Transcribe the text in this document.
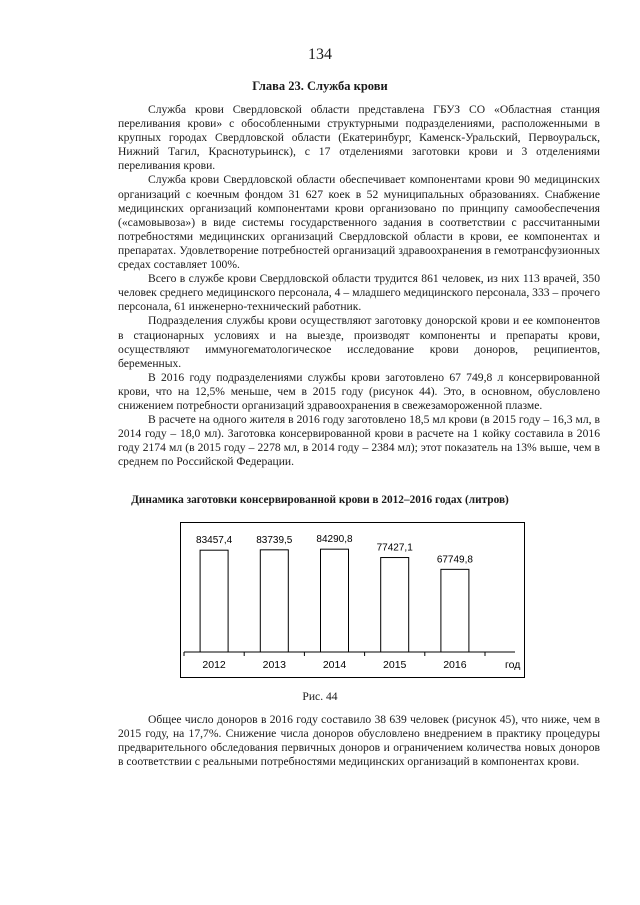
134
Глава 23. Служба крови

Служба крови Свердловской области представлена ГБУЗ СО «Областная станция переливания крови» с обособленными структурными подразделениями, расположенными в крупных городах Свердловской области (Екатеринбург, Каменск-Уральский, Первоуральск, Нижний Тагил, Краснотурьинск), с 17 отделениями заготовки крови и 3 отделениями переливания крови.

Служба крови Свердловской области обеспечивает компонентами крови 90 медицинских организаций с коечным фондом 31 627 коек в 52 муниципальных образованиях. Снабжение медицинских организаций компонентами крови организовано по принципу самообеспечения («самовывоза») в виде системы государственного задания в соответствии с рассчитанными потребностями медицинских организаций Свердловской области в крови, ее компонентах и препаратах. Удовлетворение потребностей организаций здравоохранения в гемотрансфузионных средах составляет 100%.

Всего в службе крови Свердловской области трудится 861 человек, из них 113 врачей, 350 человек среднего медицинского персонала, 4 – младшего медицинского персонала, 333 – прочего персонала, 61 инженерно-технический работник.

Подразделения службы крови осуществляют заготовку донорской крови и ее компонентов в стационарных условиях и на выезде, производят компоненты и препараты крови, осуществляют иммуногематологическое исследование крови доноров, реципиентов, беременных.

В 2016 году подразделениями службы крови заготовлено 67 749,8 л консервированной крови, что на 12,5% меньше, чем в 2015 году (рисунок 44). Это, в основном, обусловлено снижением потребности организаций здравоохранения в свежезамороженной плазме.

В расчете на одного жителя в 2016 году заготовлено 18,5 мл крови (в 2015 году – 16,3 мл, в 2014 году – 18,0 мл). Заготовка консервированной крови в расчете на 1 койку составила в 2016 году 2174 мл (в 2015 году – 2278 мл, в 2014 году – 2384 мл); этот показатель на 13% выше, чем в среднем по Российской Федерации.

Динамика заготовки консервированной крови в 2012–2016 годах (литров)
год
2012	2013	2014	2015	2016
83457,4 83739,5 84290,8
77427,1
67749,8
Рис. 44

Общее число доноров в 2016 году составило 38 639 человек (рисунок 45), что ниже, чем в 2015 году, на 17,7%. Снижение числа доноров обусловлено внедрением в практику процедуры предварительного обследования первичных доноров и ограничением количества новых доноров в соответствии с реальными потребностями медицинских организаций в компонентах крови.
